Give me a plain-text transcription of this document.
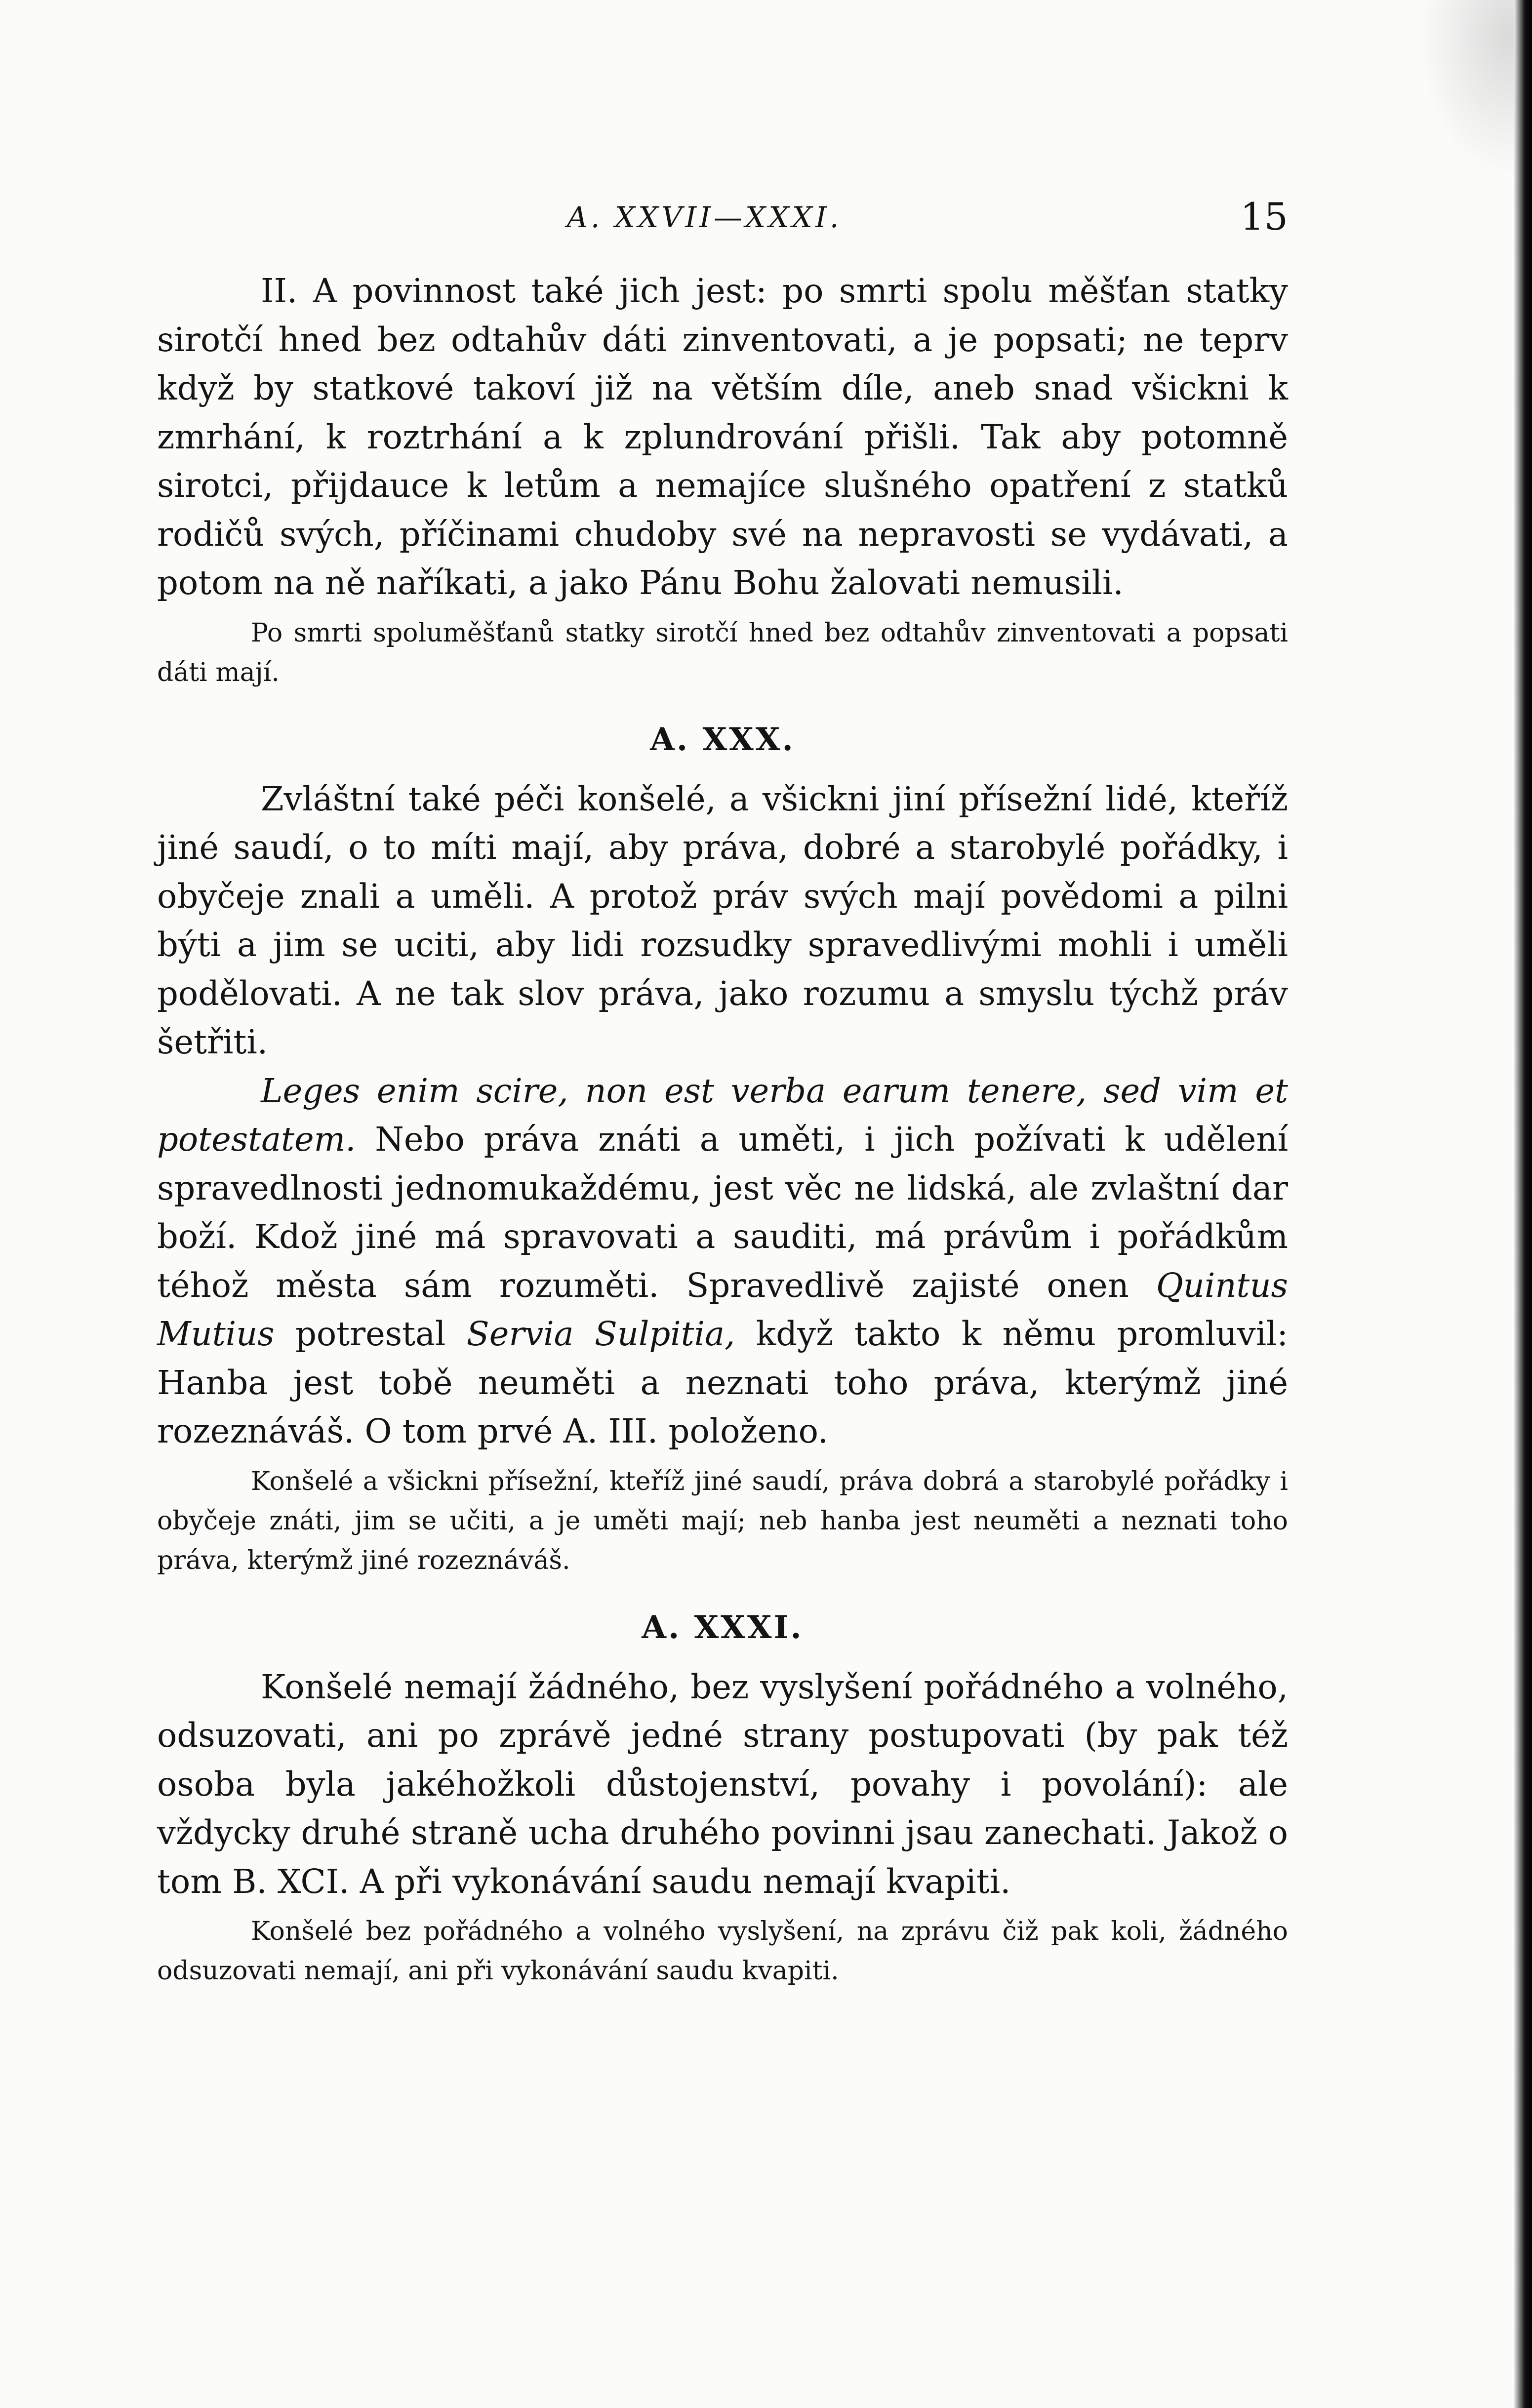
A. XXVII—XXXI.	15

II. A povinnost také jich jest: po smrti spolu měšťan statky sirotčí hned bez odtahův dáti zinventovati, a je popsati; ne teprv když by statkové takoví již na větším díle, aneb snad všickni k zmrhání, k roztrhání a k zplundrování přišli. Tak aby potomně sirotci, přijdauce k letům a nemajíce slušného opatření z statků rodičů svých, příčinami chudoby své na nepravosti se vydávati, a potom na ně naříkati, a jako Pánu Bohu žalovati nemusili.

Po smrti spoluměšťanů statky sirotčí hned bez odtahův zinventovati a popsati dáti mají.

A. XXX.

Zvláštní také péči konšelé, a všickni jiní přísežní lidé, kteříž jiné saudí, o to míti mají, aby práva, dobré a starobylé pořádky, i obyčeje znali a uměli. A protož práv svých mají povědomi a pilni býti a jim se uciti, aby lidi rozsudky spravedlivými mohli i uměli podělovati. A ne tak slov práva, jako rozumu a smyslu týchž práv šetřiti.

Leges enim scire, non est verba earum tenere, sed vim et potestatem. Nebo práva znáti a uměti, i jich požívati k udělení spravedlnosti jednomukaždému, jest věc ne lidská, ale zvlaštní dar boží. Kdož jiné má spravovati a sauditi, má právům i pořádkům téhož města sám rozuměti. Spravedlivě zajisté onen Quintus Mutius potrestal Servia Sulpitia, když takto k němu promluvil: Hanba jest tobě neuměti a neznati toho práva, kterýmž jiné rozeznáváš. O tom prvé A. III. položeno.

Konšelé a všickni přísežní, kteříž jiné saudí, práva dobrá a starobylé pořádky i obyčeje znáti, jim se učiti, a je uměti mají; neb hanba jest neuměti a neznati toho práva, kterýmž jiné rozeznáváš.

A. XXXI.

Konšelé nemají žádného, bez vyslyšení pořádného a volného, odsuzovati, ani po zprávě jedné strany postupovati (by pak též osoba byla jakéhožkoli důstojenství, povahy i povolání): ale vždycky druhé straně ucha druhého povinni jsau zanechati. Jakož o tom B. XCI. A při vykonávání saudu nemají kvapiti.

Konšelé bez pořádného a volného vyslyšení, na zprávu čiž pak koli, žádného odsuzovati nemají, ani při vykonávání saudu kvapiti.
